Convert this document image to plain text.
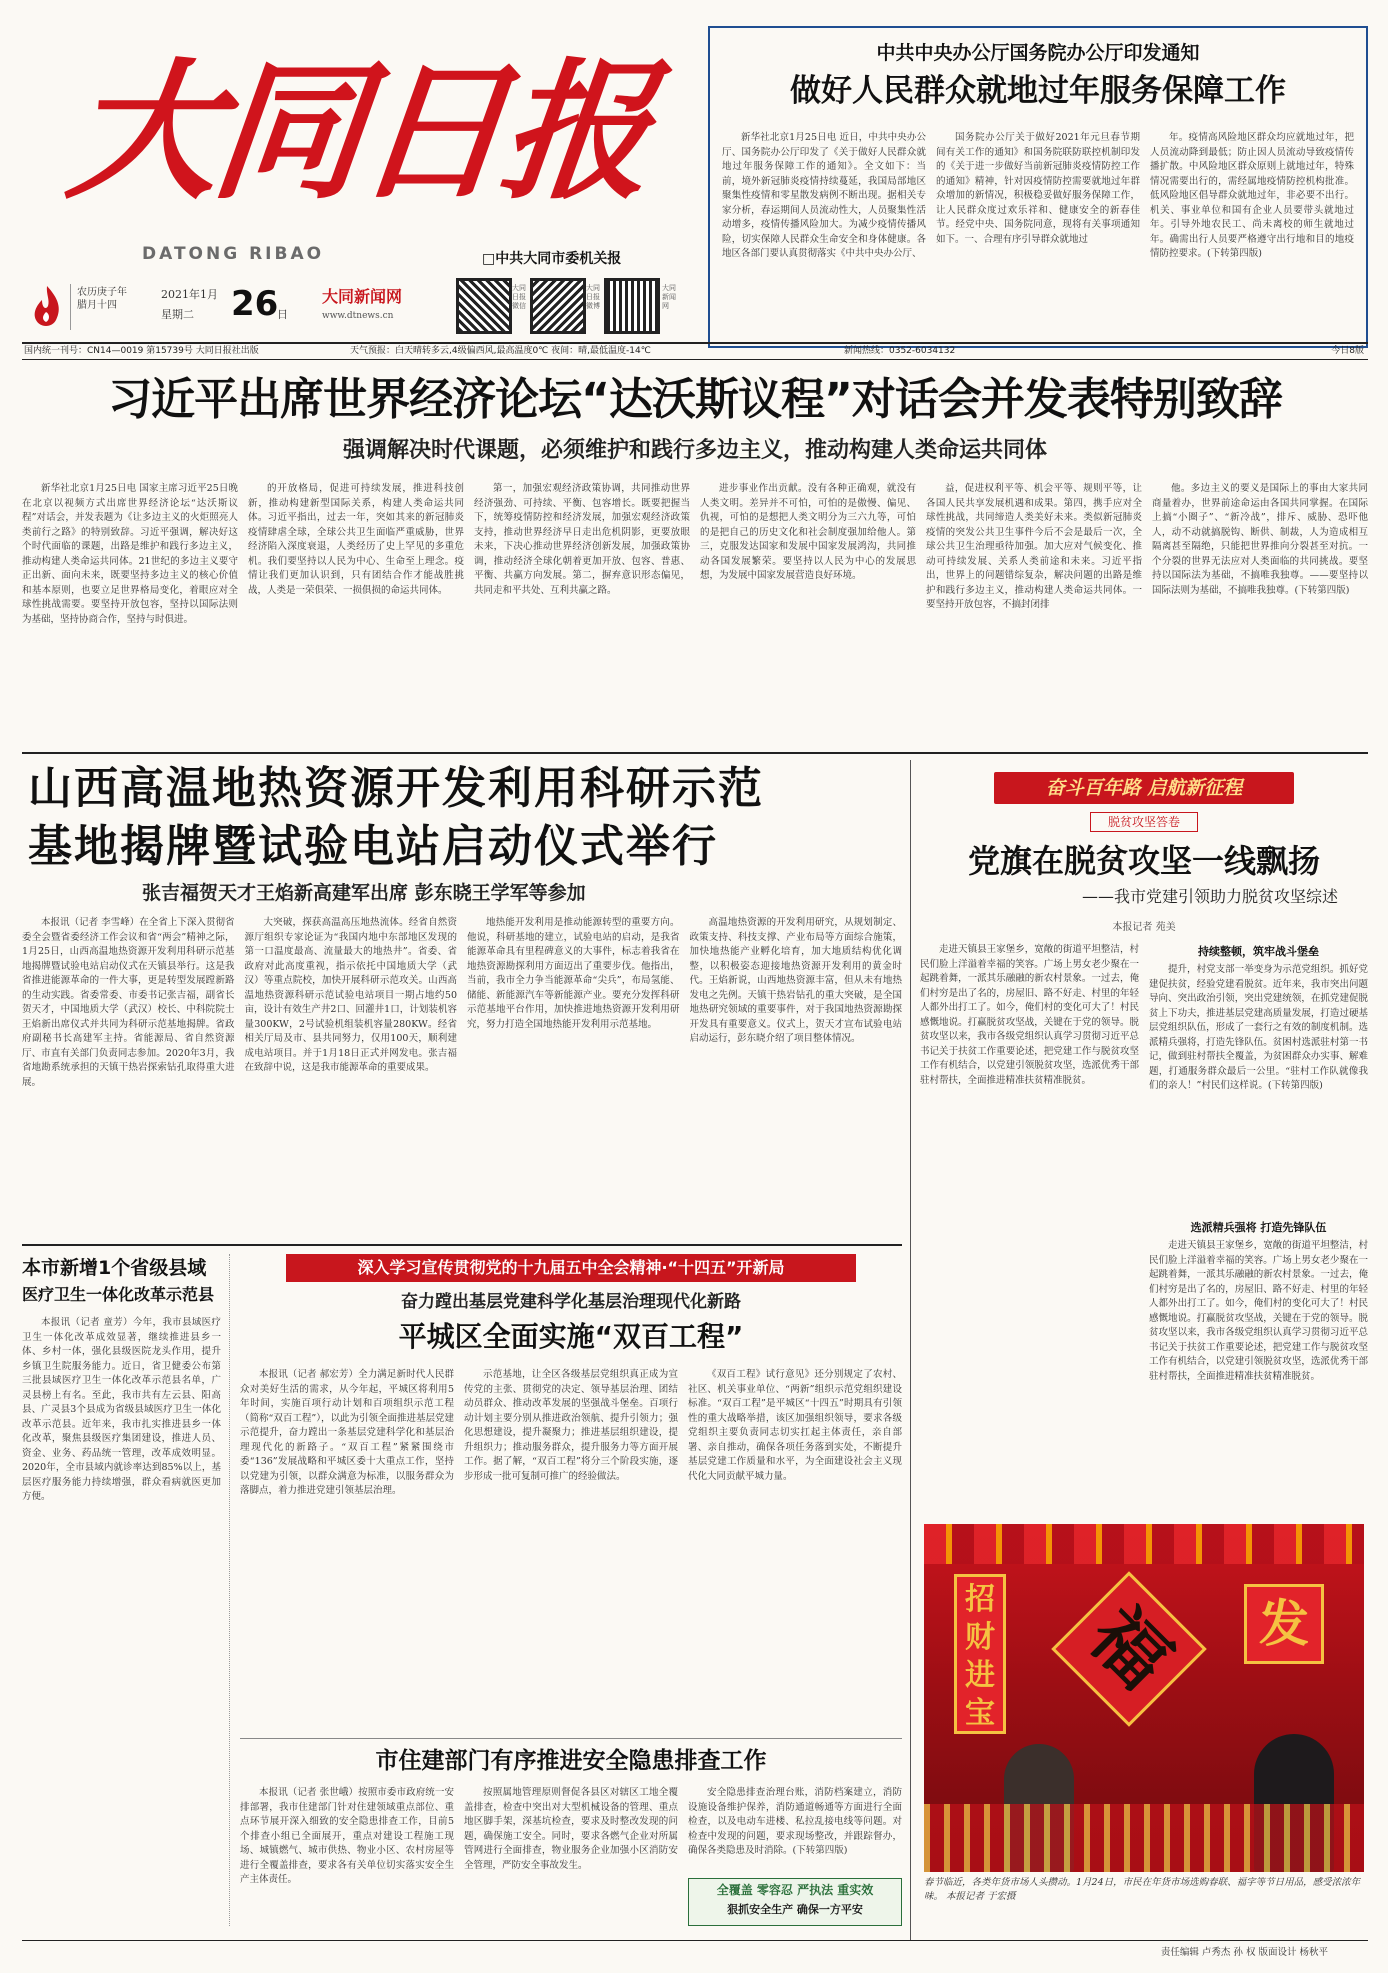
大同日报
DATONG RIBAO	□中共大同市委机关报
农历庚子年 腊月十四
2021年1月
星期二 26
日
大同新闻网
www.dtnews.cn
大同日报微信
大同日报微博
大同新闻网
中共中央办公厅国务院办公厅印发通知
做好人民群众就地过年服务保障工作
新华社北京1月25日电 近日，中共中央办公厅、国务院办公厅印发了《关于做好人民群众就地过年服务保障工作的通知》。全文如下：当前，境外新冠肺炎疫情持续蔓延，我国局部地区聚集性疫情和零星散发病例不断出现。据相关专家分析，春运期间人员流动性大，人员聚集性活动增多，疫情传播风险加大。为减少疫情传播风险，切实保障人民群众生命安全和身体健康。各地区各部门要认真贯彻落实《中共中央办公厅、
国务院办公厅关于做好2021年元旦春节期间有关工作的通知》和国务院联防联控机制印发的《关于进一步做好当前新冠肺炎疫情防控工作的通知》精神，针对因疫情防控需要就地过年群众增加的新情况，积极稳妥做好服务保障工作，让人民群众度过欢乐祥和、健康安全的新春佳节。经党中央、国务院同意，现将有关事项通知如下。一、合理有序引导群众就地过
年。疫情高风险地区群众均应就地过年，把人员流动降到最低；防止因人员流动导致疫情传播扩散。中风险地区群众原则上就地过年，特殊情况需要出行的，需经属地疫情防控机构批准。低风险地区倡导群众就地过年，非必要不出行。机关、事业单位和国有企业人员要带头就地过年。引导外地农民工、尚未离校的师生就地过年。确需出行人员要严格遵守出行地和目的地疫情防控要求。(下转第四版)
国内统一刊号：CN14—0019 第15739号 大同日报社出版	天气预报：白天晴转多云,4级偏西风,最高温度0℃ 夜间：晴,最低温度-14℃	新闻热线：0352-6034132	今日8版
习近平出席世界经济论坛“达沃斯议程”对话会并发表特别致辞
强调解决时代课题，必须维护和践行多边主义，推动构建人类命运共同体
新华社北京1月25日电 国家主席习近平25日晚在北京以视频方式出席世界经济论坛“达沃斯议程”对话会，并发表题为《让多边主义的火炬照亮人类前行之路》的特别致辞。习近平强调，解决好这个时代面临的课题，出路是维护和践行多边主义，推动构建人类命运共同体。21世纪的多边主义要守正出新、面向未来，既要坚持多边主义的核心价值和基本原则，也要立足世界格局变化，着眼应对全球性挑战需要。要坚持开放包容，坚持以国际法则为基础，坚持协商合作，坚持与时俱进。
的开放格局，促进可持续发展，推进科技创新，推动构建新型国际关系，构建人类命运共同体。习近平指出，过去一年，突如其来的新冠肺炎疫情肆虐全球，全球公共卫生面临严重威胁，世界经济陷入深度衰退，人类经历了史上罕见的多重危机。我们要坚持以人民为中心、生命至上理念。疫情让我们更加认识到，只有团结合作才能战胜挑战，人类是一荣俱荣、一损俱损的命运共同体。
第一，加强宏观经济政策协调，共同推动世界经济强劲、可持续、平衡、包容增长。既要把握当下，统筹疫情防控和经济发展，加强宏观经济政策支持，推动世界经济早日走出危机阴影，更要放眼未来，下决心推动世界经济创新发展，加强政策协调，推动经济全球化朝着更加开放、包容、普惠、平衡、共赢方向发展。第二，摒弃意识形态偏见，共同走和平共处、互利共赢之路。
进步事业作出贡献。没有各种正确观，就没有人类文明。差异并不可怕，可怕的是傲慢、偏见、仇视，可怕的是想把人类文明分为三六九等，可怕的是把自己的历史文化和社会制度强加给他人。第三，克服发达国家和发展中国家发展鸿沟，共同推动各国发展繁荣。要坚持以人民为中心的发展思想，为发展中国家发展营造良好环境。
益，促进权利平等、机会平等、规则平等，让各国人民共享发展机遇和成果。第四，携手应对全球性挑战，共同缔造人类美好未来。类似新冠肺炎疫情的突发公共卫生事件今后不会是最后一次，全球公共卫生治理亟待加强。加大应对气候变化、推动可持续发展、关系人类前途和未来。习近平指出，世界上的问题错综复杂，解决问题的出路是维护和践行多边主义，推动构建人类命运共同体。一要坚持开放包容，不搞封闭排
他。多边主义的要义是国际上的事由大家共同商量着办，世界前途命运由各国共同掌握。在国际上搞“小圈子”、“新冷战”，排斥、威胁、恐吓他人，动不动就搞脱钩、断供、制裁，人为造成相互隔离甚至隔绝，只能把世界推向分裂甚至对抗。一个分裂的世界无法应对人类面临的共同挑战。要坚持以国际法为基础，不搞唯我独尊。——要坚持以国际法则为基础，不搞唯我独尊。(下转第四版)
山西高温地热资源开发利用科研示范
基地揭牌暨试验电站启动仪式举行
张吉福贺天才王焰新高建军出席 彭东晓王学军等参加
本报讯（记者 李雪峰）在全省上下深入贯彻省委全会暨省委经济工作会议和省“两会”精神之际，1月25日，山西高温地热资源开发利用科研示范基地揭牌暨试验电站启动仪式在天镇县举行。这是我省推进能源革命的一件大事，更是转型发展蹚新路的生动实践。省委常委、市委书记张吉福，副省长贺天才，中国地质大学（武汉）校长、中科院院士王焰新出席仪式并共同为科研示范基地揭牌。省政府副秘书长高建军主持。省能源局、省自然资源厅、市直有关部门负责同志参加。2020年3月，我省地勘系统承担的天镇干热岩探索钻孔取得重大进展。
大突破，探获高温高压地热流体。经省自然资源厅组织专家论证为“我国内地中东部地区发现的第一口温度最高、流量最大的地热井”。省委、省政府对此高度重视，指示依托中国地质大学（武汉）等重点院校，加快开展科研示范攻关。山西高温地热资源科研示范试验电站项目一期占地约50亩，设计有效生产井2口、回灌井1口，计划装机容量300KW，2号试验机组装机容量280KW。经省相关厅局及市、县共同努力，仅用100天，顺利建成电站项目。并于1月18日正式并网发电。张吉福在致辞中说，这是我市能源革命的重要成果。
地热能开发利用是推动能源转型的重要方向。他说，科研基地的建立，试验电站的启动，是我省能源革命具有里程碑意义的大事件，标志着我省在地热资源勘探利用方面迈出了重要步伐。他指出，当前，我市全力争当能源革命“尖兵”，布局氢能、储能、新能源汽车等新能源产业。要充分发挥科研示范基地平台作用，加快推进地热资源开发利用研究，努力打造全国地热能开发利用示范基地。
高温地热资源的开发利用研究，从规划制定、政策支持、科技支撑、产业布局等方面综合施策，加快地热能产业孵化培育，加大地质结构优化调整，以积极姿态迎接地热资源开发利用的黄金时代。王焰新说，山西地热资源丰富，但从未有地热发电之先例。天镇干热岩钻孔的重大突破，是全国地热研究领域的重要事件，对于我国地热资源勘探开发具有重要意义。仪式上，贺天才宣布试验电站启动运行，彭东晓介绍了项目整体情况。
奋斗百年路 启航新征程
脱贫攻坚答卷
党旗在脱贫攻坚一线飘扬
——我市党建引领助力脱贫攻坚综述
本报记者 苑美
走进天镇县王家堡乡，宽敞的街道平坦整洁，村民们脸上洋溢着幸福的笑容。广场上男女老少聚在一起跳着舞，一派其乐融融的新农村景象。一过去，俺们村穷是出了名的，房屋旧、路不好走、村里的年轻人都外出打工了。如今，俺们村的变化可大了！村民感慨地说。打赢脱贫攻坚战，关键在于党的领导。脱贫攻坚以来，我市各级党组织认真学习贯彻习近平总书记关于扶贫工作重要论述，把党建工作与脱贫攻坚工作有机结合，以党建引领脱贫攻坚，选派优秀干部驻村帮扶，全面推进精准扶贫精准脱贫。
持续整顿，筑牢战斗堡垒
提升，村党支部一举变身为示范党组织。抓好党建促扶贫，经验党建看脱贫。近年来，我市突出问题导向、突出政治引领，突出党建统领，在抓党建促脱贫上下功夫，推进基层党建高质量发展，打造过硬基层党组织队伍，形成了一套行之有效的制度机制。选派精兵强将，打造先锋队伍。贫困村选派驻村第一书记，做到驻村帮扶全覆盖，为贫困群众办实事、解难题，打通服务群众最后一公里。“驻村工作队就像我们的亲人！”村民们这样说。(下转第四版)
选派精兵强将 打造先锋队伍
走进天镇县王家堡乡，宽敞的街道平坦整洁，村民们脸上洋溢着幸福的笑容。广场上男女老少聚在一起跳着舞，一派其乐融融的新农村景象。一过去，俺们村穷是出了名的，房屋旧、路不好走、村里的年轻人都外出打工了。如今，俺们村的变化可大了！村民感慨地说。打赢脱贫攻坚战，关键在于党的领导。脱贫攻坚以来，我市各级党组织认真学习贯彻习近平总书记关于扶贫工作重要论述，把党建工作与脱贫攻坚工作有机结合，以党建引领脱贫攻坚，选派优秀干部驻村帮扶，全面推进精准扶贫精准脱贫。
招财进宝
福	发
春节临近，各类年货市场人头攒动。1月24日，市民在年货市场选购春联、福字等节日用品，感受浓浓年味。 本报记者 于宏摄
本市新增1个省级县域
医疗卫生一体化改革示范县
本报讯（记者 童芳）今年，我市县域医疗卫生一体化改革成效显著，继续推进县乡一体、乡村一体，强化县级医院龙头作用，提升乡镇卫生院服务能力。近日，省卫健委公布第三批县域医疗卫生一体化改革示范县名单，广灵县榜上有名。至此，我市共有左云县、阳高县、广灵县3个县成为省级县域医疗卫生一体化改革示范县。近年来，我市扎实推进县乡一体化改革，聚焦县级医疗集团建设，推进人员、资金、业务、药品统一管理，改革成效明显。2020年，全市县域内就诊率达到85%以上，基层医疗服务能力持续增强，群众看病就医更加方便。
深入学习宣传贯彻党的十九届五中全会精神·“十四五”开新局
奋力蹚出基层党建科学化基层治理现代化新路
平城区全面实施“双百工程”
本报讯（记者 郝宏芳）全力满足新时代人民群众对美好生活的需求，从今年起，平城区将利用5年时间，实施百项行动计划和百项组织示范工程（简称“双百工程”），以此为引领全面推进基层党建示范提升，奋力蹚出一条基层党建科学化和基层治理现代化的新路子。“双百工程”紧紧围绕市委“136”发展战略和平城区委十大重点工作，坚持以党建为引领，以群众满意为标准，以服务群众为落脚点，着力推进党建引领基层治理。
示范基地，让全区各级基层党组织真正成为宣传党的主张、贯彻党的决定、领导基层治理、团结动员群众、推动改革发展的坚强战斗堡垒。百项行动计划主要分别从推进政治领航、提升引领力；强化思想建设，提升凝聚力；推进基层组织建设，提升组织力；推动服务群众，提升服务力等方面开展工作。据了解，“双百工程”将分三个阶段实施，逐步形成一批可复制可推广的经验做法。
《双百工程》试行意见》还分别规定了农村、社区、机关事业单位、“两新”组织示范党组织建设标准。“双百工程”是平城区“十四五”时期具有引领性的重大战略举措，该区加强组织领导，要求各级党组织主要负责同志切实扛起主体责任，亲自部署、亲自推动，确保各项任务落到实处，不断提升基层党建工作质量和水平，为全面建设社会主义现代化大同贡献平城力量。
市住建部门有序推进安全隐患排查工作
本报讯（记者 张世峨）按照市委市政府统一安排部署，我市住建部门针对住建领域重点部位、重点环节展开深入细致的安全隐患排查工作，目前5个排查小组已全面展开，重点对建设工程施工现场、城镇燃气、城市供热、物业小区、农村房屋等进行全覆盖排查，要求各有关单位切实落实安全生产主体责任。
按照属地管理原则督促各县区对辖区工地全覆盖排查，检查中突出对大型机械设备的管理、重点地区脚手架，深基坑检查，要求及时整改发现的问题，确保施工安全。同时，要求各燃气企业对所属管网进行全面排查，物业服务企业加强小区消防安全管理，严防安全事故发生。
安全隐患排查治理台账，消防档案建立，消防设施设备维护保养，消防通道畅通等方面进行全面检查，以及电动车进楼、私拉乱接电线等问题。对检查中发现的问题，要求现场整改，并跟踪督办，确保各类隐患及时消除。(下转第四版)
全覆盖 零容忍 严执法 重实效
狠抓安全生产 确保一方平安
责任编辑 卢秀杰 孙 权 版面设计 杨秋平
